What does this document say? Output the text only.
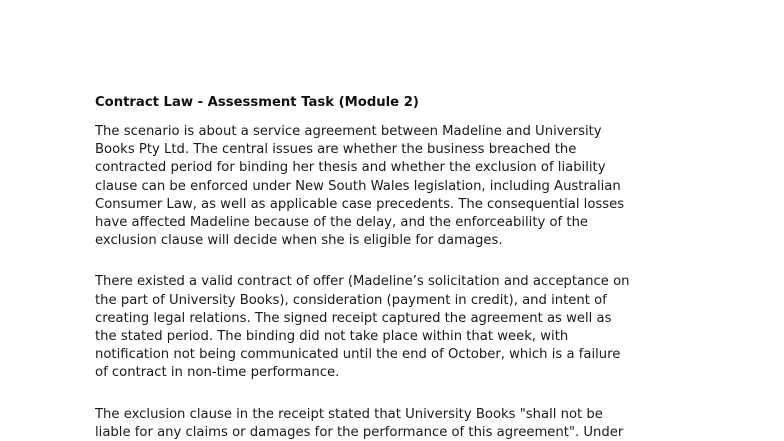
Contract Law - Assessment Task (Module 2)

The scenario is about a service agreement between Madeline and University
Books Pty Ltd. The central issues are whether the business breached the
contracted period for binding her thesis and whether the exclusion of liability
clause can be enforced under New South Wales legislation, including Australian
Consumer Law, as well as applicable case precedents. The consequential losses
have affected Madeline because of the delay, and the enforceability of the
exclusion clause will decide when she is eligible for damages.

There existed a valid contract of offer (Madeline’s solicitation and acceptance on
the part of University Books), consideration (payment in credit), and intent of
creating legal relations. The signed receipt captured the agreement as well as
the stated period. The binding did not take place within that week, with
notification not being communicated until the end of October, which is a failure
of contract in non-time performance.

The exclusion clause in the receipt stated that University Books "shall not be
liable for any claims or damages for the performance of this agreement". Under
